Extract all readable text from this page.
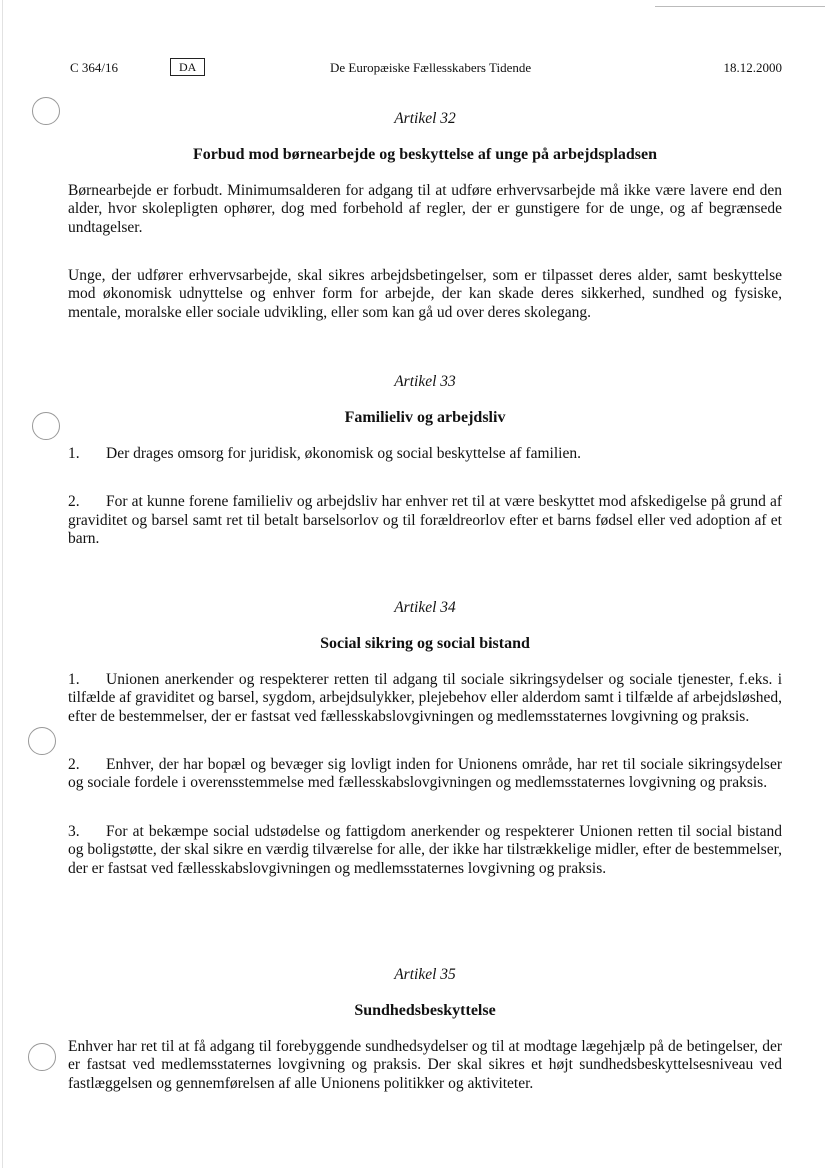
C 364/16	DA	De Europæiske Fællesskabers Tidende	18.12.2000
Artikel 32
Forbud mod børnearbejde og beskyttelse af unge på arbejdspladsen

Børnearbejde er forbudt. Minimumsalderen for adgang til at udføre erhvervsarbejde må ikke være lavere end den alder, hvor skolepligten ophører, dog med forbehold af regler, der er gunstigere for de unge, og af begrænsede undtagelser.

Unge, der udfører erhvervsarbejde, skal sikres arbejdsbetingelser, som er tilpasset deres alder, samt beskyttelse mod økonomisk udnyttelse og enhver form for arbejde, der kan skade deres sikkerhed, sundhed og fysiske, mentale, moralske eller sociale udvikling, eller som kan gå ud over deres skolegang.

Artikel 33
Familieliv og arbejdsliv

1. Der drages omsorg for juridisk, økonomisk og social beskyttelse af familien.

2. For at kunne forene familieliv og arbejdsliv har enhver ret til at være beskyttet mod afskedigelse på grund af graviditet og barsel samt ret til betalt barselsorlov og til forældreorlov efter et barns fødsel eller ved adoption af et barn.

Artikel 34
Social sikring og social bistand

1. Unionen anerkender og respekterer retten til adgang til sociale sikringsydelser og sociale tjenester, f.eks. i tilfælde af graviditet og barsel, sygdom, arbejdsulykker, plejebehov eller alderdom samt i tilfælde af arbejdsløshed, efter de bestemmelser, der er fastsat ved fællesskabslovgivningen og medlemsstaternes lovgivning og praksis.

2. Enhver, der har bopæl og bevæger sig lovligt inden for Unionens område, har ret til sociale sikringsydelser og sociale fordele i overensstemmelse med fællesskabslovgivningen og medlemsstaternes lovgivning og praksis.

3. For at bekæmpe social udstødelse og fattigdom anerkender og respekterer Unionen retten til social bistand og boligstøtte, der skal sikre en værdig tilværelse for alle, der ikke har tilstrækkelige midler, efter de bestemmelser, der er fastsat ved fællesskabslovgivningen og medlemsstaternes lovgivning og praksis.

Artikel 35
Sundhedsbeskyttelse

Enhver har ret til at få adgang til forebyggende sundhedsydelser og til at modtage lægehjælp på de betingelser, der er fastsat ved medlemsstaternes lovgivning og praksis. Der skal sikres et højt sundhedsbeskyttelsesniveau ved fastlæggelsen og gennemførelsen af alle Unionens politikker og aktiviteter.
